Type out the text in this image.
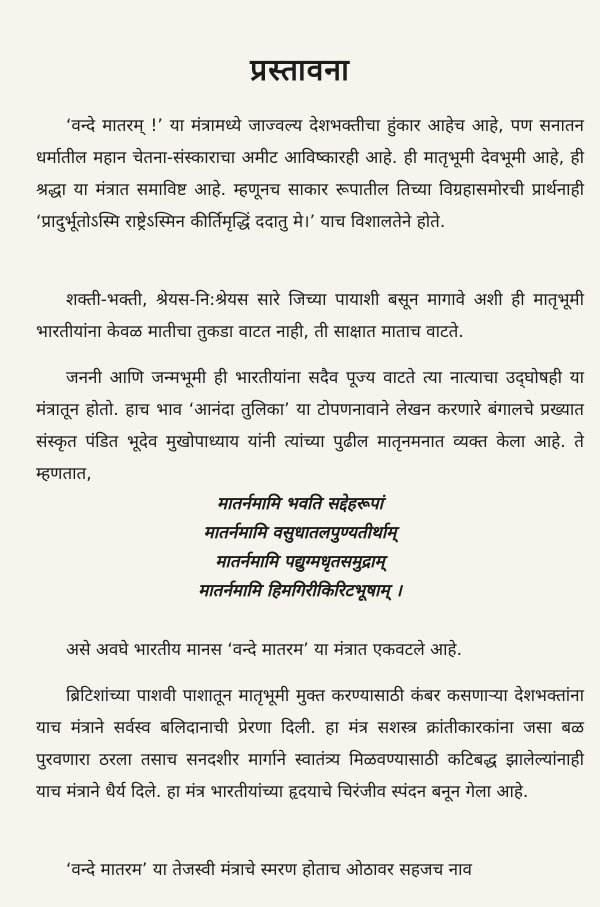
प्रस्तावना

‘वन्दे मातरम् !’ या मंत्रामध्ये जाज्वल्य देशभक्तीचा हुंकार आहेच आहे, पण सनातन धर्मातील महान चेतना-संस्काराचा अमीट आविष्कारही आहे. ही मातृभूमी देवभूमी आहे, ही श्रद्धा या मंत्रात समाविष्ट आहे. म्हणूनच साकार रूपातील तिच्या विग्रहासमोरची प्रार्थनाही ‘प्रादुर्भूतोऽस्मि राष्ट्रेऽस्मिन कीर्तिमृद्धिं ददातु मे।’ याच विशालतेने होते.

शक्ती-भक्ती, श्रेयस-नि:श्रेयस सारे जिच्या पायाशी बसून मागावे अशी ही मातृभूमी भारतीयांना केवळ मातीचा तुकडा वाटत नाही, ती साक्षात माताच वाटते.

जननी आणि जन्मभूमी ही भारतीयांना सदैव पूज्य वाटते त्या नात्याचा उद्‌घोषही या मंत्रातून होतो. हाच भाव ‘आनंदा तुलिका’ या टोपणनावाने लेखन करणारे बंगालचे प्रख्यात संस्कृत पंडित भूदेव मुखोपाध्याय यांनी त्यांच्या पुढील मातृनमनात व्यक्त केला आहे. ते म्हणतात,

मातर्नमामि भवति सद्देहरूपां
मातर्नमामि वसुधातलपुण्यतीर्थाम्
मातर्नमामि पद्युग्मधृतसमुद्राम्
मातर्नमामि हिमगिरीकिरिटभूषाम् ।

असे अवघे भारतीय मानस ‘वन्दे मातरम’ या मंत्रात एकवटले आहे.

ब्रिटिशांच्या पाशवी पाशातून मातृभूमी मुक्त करण्यासाठी कंबर कसणाऱ्या देशभक्तांना याच मंत्राने सर्वस्व बलिदानाची प्रेरणा दिली. हा मंत्र सशस्त्र क्रांतीकारकांना जसा बळ पुरवणारा ठरला तसाच सनदशीर मार्गाने स्वातंत्र्य मिळवण्यासाठी कटिबद्ध झालेल्यांनाही याच मंत्राने धैर्य दिले. हा मंत्र भारतीयांच्या हृदयाचे चिरंजीव स्पंदन बनून गेला आहे.

‘वन्दे मातरम’ या तेजस्वी मंत्राचे स्मरण होताच ओठावर सहजच नाव
